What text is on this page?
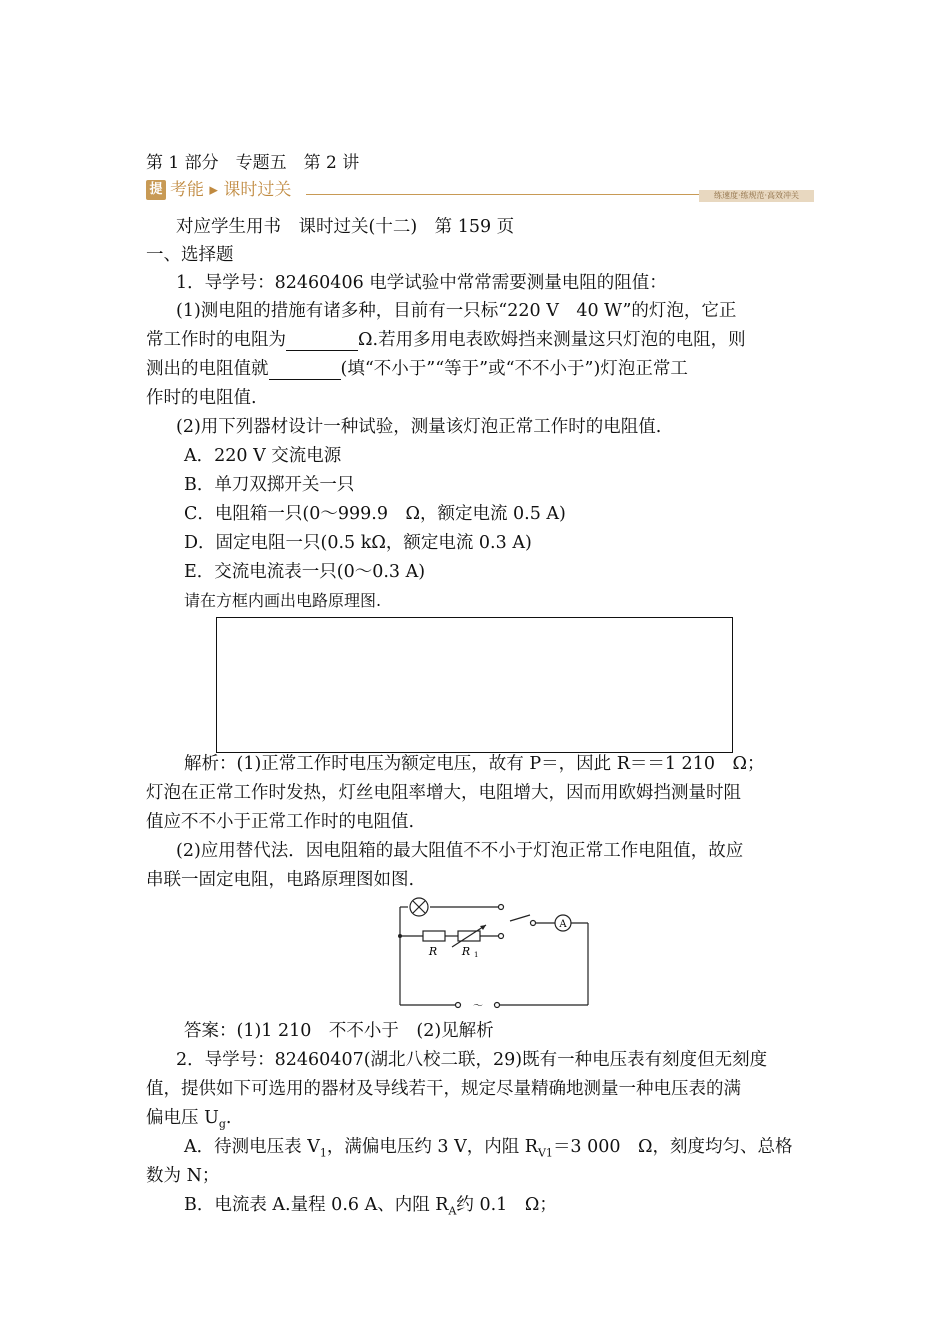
第 1 部分　专题五　第 2 讲
提 考能 ▸ 课时过关	练速度·练规范·高效冲关
对应学生用书　课时过关(十二)　第 159 页
一、选择题
1．导学号：82460406 电学试验中常常需要测量电阻的阻值：
(1)测电阻的措施有诸多种，目前有一只标“220 V　40 W”的灯泡，它正
常工作时的电阻为	Ω.若用多用电表欧姆挡来测量这只灯泡的电阻，则
测出的电阻值就	(填“不小于”“等于”或“不不小于”)灯泡正常工
作时的电阻值.
(2)用下列器材设计一种试验，测量该灯泡正常工作时的电阻值.
A．220 V 交流电源
B．单刀双掷开关一只
C．电阻箱一只(0～999.9　Ω，额定电流 0.5 A)
D．固定电阻一只(0.5 kΩ，额定电流 0.3 A)
E．交流电流表一只(0～0.3 A)
请在方框内画出电路原理图.
解析：(1)正常工作时电压为额定电压，故有 P＝，因此 R＝＝1 210　Ω；
灯泡在正常工作时发热，灯丝电阻率增大，电阻增大，因而用欧姆挡测量时阻
值应不不小于正常工作时的电阻值.
(2)应用替代法．因电阻箱的最大阻值不不小于灯泡正常工作电阻值，故应
串联一固定电阻，电路原理图如图.
A
R R 1
～
答案：(1)1 210　不不小于　(2)见解析
2．导学号：82460407(湖北八校二联，29)既有一种电压表有刻度但无刻度
值，提供如下可选用的器材及导线若干，规定尽量精确地测量一种电压表的满
偏电压 $U_g$.
A．待测电压表 $V_1$，满偏电压约 3 V，内阻 $R_{V1}=3$ 000　Ω，刻度均匀、总格
数为 N；
B．电流表 A.量程 0.6 A、内阻 $R_A$约 0.1　Ω；
